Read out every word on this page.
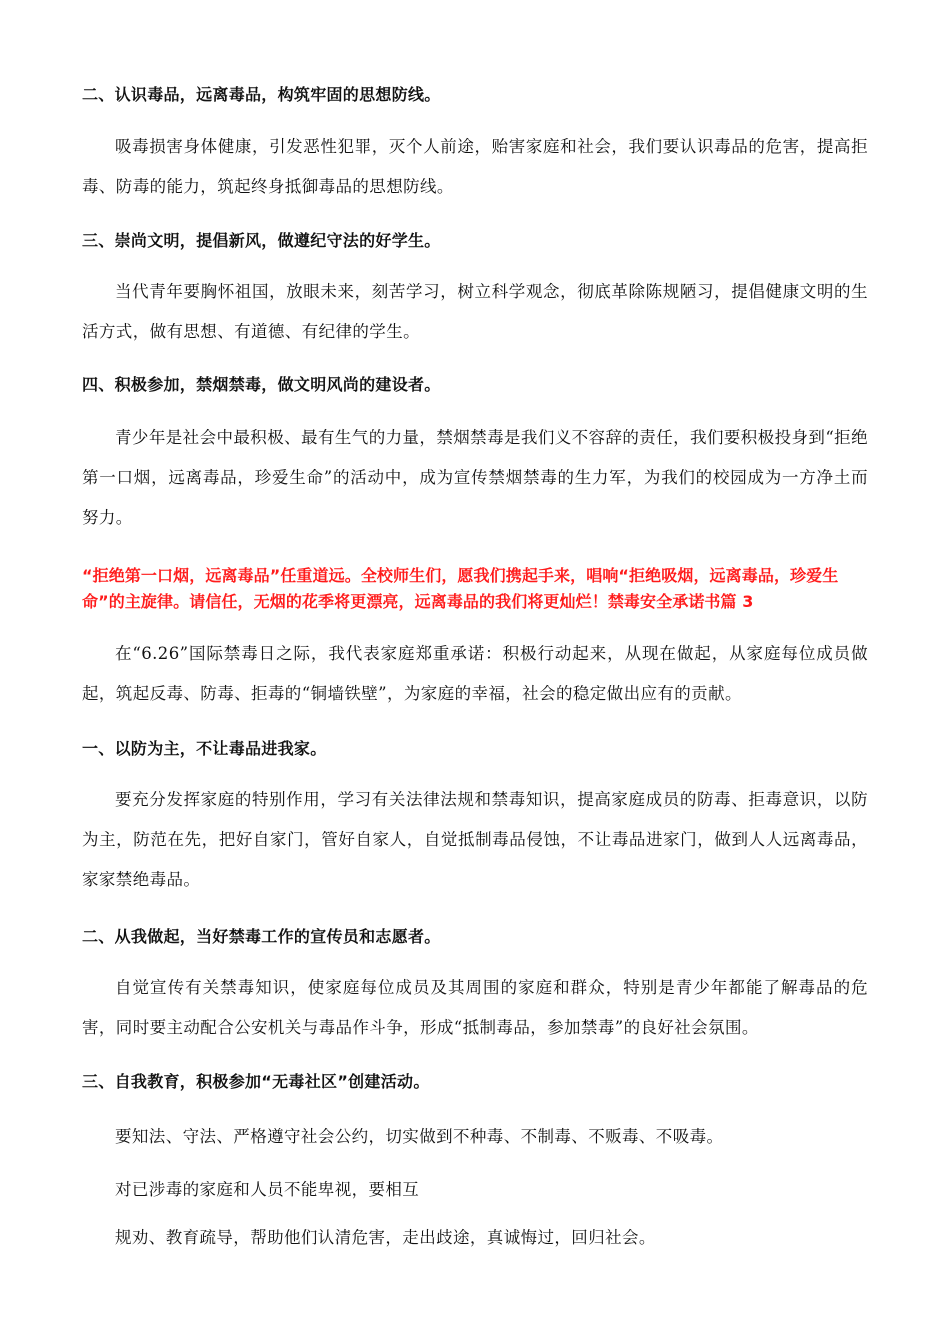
二、认识毒品，远离毒品，构筑牢固的思想防线。
吸毒损害身体健康，引发恶性犯罪，灭个人前途，贻害家庭和社会，我们要认识毒品的危害，提高拒毒、防毒的能力，筑起终身抵御毒品的思想防线。
三、崇尚文明，提倡新风，做遵纪守法的好学生。
当代青年要胸怀祖国，放眼未来，刻苦学习，树立科学观念，彻底革除陈规陋习，提倡健康文明的生活方式，做有思想、有道德、有纪律的学生。
四、积极参加，禁烟禁毒，做文明风尚的建设者。
青少年是社会中最积极、最有生气的力量，禁烟禁毒是我们义不容辞的责任，我们要积极投身到“拒绝第一口烟，远离毒品，珍爱生命”的活动中，成为宣传禁烟禁毒的生力军，为我们的校园成为一方净土而努力。
“拒绝第一口烟，远离毒品”任重道远。全校师生们，愿我们携起手来，唱响“拒绝吸烟，远离毒品，珍爱生命”的主旋律。请信任，无烟的花季将更漂亮，远离毒品的我们将更灿烂！禁毒安全承诺书篇 3
在“6.26”国际禁毒日之际，我代表家庭郑重承诺：积极行动起来，从现在做起，从家庭每位成员做起，筑起反毒、防毒、拒毒的“铜墙铁壁”，为家庭的幸福，社会的稳定做出应有的贡献。
一、以防为主，不让毒品进我家。
要充分发挥家庭的特别作用，学习有关法律法规和禁毒知识，提高家庭成员的防毒、拒毒意识，以防为主，防范在先，把好自家门，管好自家人，自觉抵制毒品侵蚀，不让毒品进家门，做到人人远离毒品，家家禁绝毒品。
二、从我做起，当好禁毒工作的宣传员和志愿者。
自觉宣传有关禁毒知识，使家庭每位成员及其周围的家庭和群众，特别是青少年都能了解毒品的危害，同时要主动配合公安机关与毒品作斗争，形成“抵制毒品，参加禁毒”的良好社会氛围。
三、自我教育，积极参加“无毒社区”创建活动。
要知法、守法、严格遵守社会公约，切实做到不种毒、不制毒、不贩毒、不吸毒。
对已涉毒的家庭和人员不能卑视，要相互
规劝、教育疏导，帮助他们认清危害，走出歧途，真诚悔过，回归社会。
